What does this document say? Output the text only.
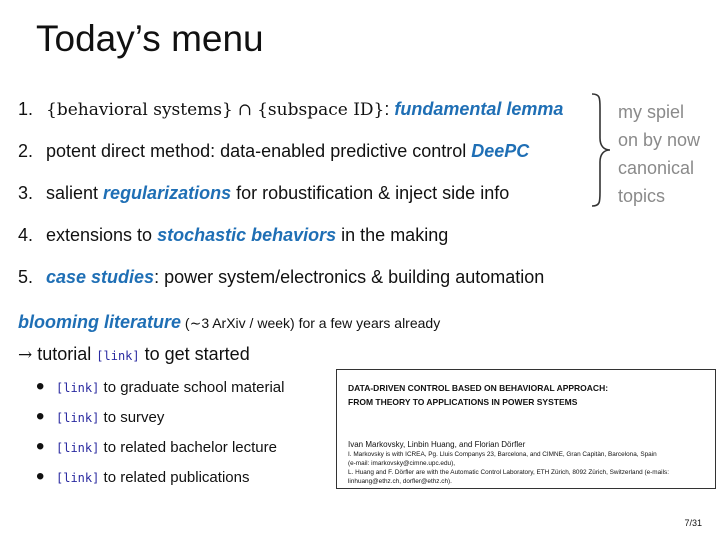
Today’s menu
1. {behavioral systems} ∩ {subspace ID}: fundamental lemma
2. potent direct method: data-enabled predictive control DeePC
3. salient regularizations for robustification & inject side info
4. extensions to stochastic behaviors in the making
5. case studies: power system/electronics & building automation
my spiel
on by now
canonical
topics
blooming literature (∼3 ArXiv / week) for a few years already
→ tutorial [link] to get started
• [link] to graduate school material
• [link] to survey
• [link] to related bachelor lecture
• [link] to related publications
DATA-DRIVEN CONTROL BASED ON BEHAVIORAL APPROACH:
FROM THEORY TO APPLICATIONS IN POWER SYSTEMS
Ivan Markovsky, Linbin Huang, and Florian Dörfler
I. Markovsky is with ICREA, Pg. Lluis Companys 23, Barcelona, and CIMNE, Gran Capitàn, Barcelona, Spain
(e-mail: imarkovsky@cimne.upc.edu),
L. Huang and F. Dörfler are with the Automatic Control Laboratory, ETH Zürich, 8092 Zürich, Switzerland (e-mails:
linhuang@ethz.ch, dorfler@ethz.ch).
7/31
